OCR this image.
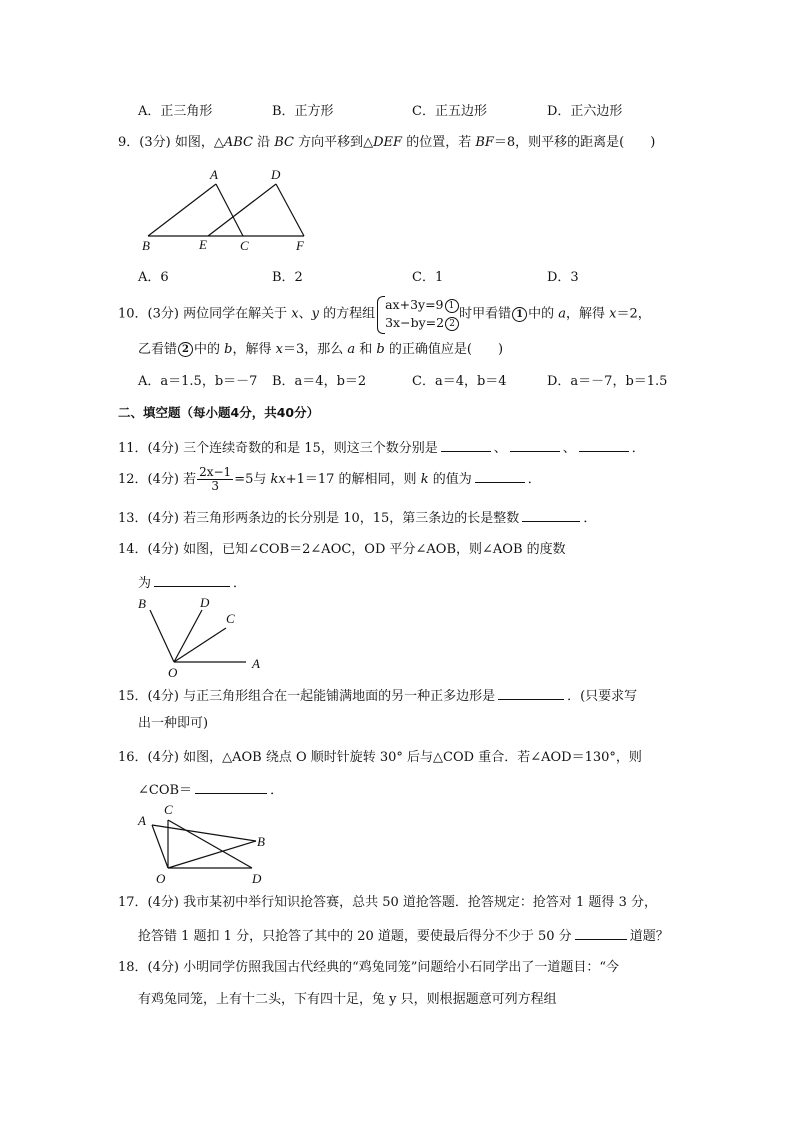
A．正三角形	B．正方形	C．正五边形	D．正六边形
9．(3分) 如图，△ABC 沿 BC 方向平移到△DEF 的位置，若 BF＝8，则平移的距离是(　　)
A	D
B	E	C	F
A．6	B．2	C．1	D．3
10．(3分) 两位同学在解关于 x、y 的方程组
ax+3y=9 1
3x−by=2 2
时甲看错 1 中的 a，解得 x＝2，
乙看错 2 中的 b，解得 x＝3，那么 a 和 b 的正确值应是(　　)
A．a＝1.5，b＝－7 B．a＝4，b＝2	C．a＝4，b＝4	D．a＝－7，b＝1.5
二、填空题（每小题4分，共40分）
11．(4分) 三个连续奇数的和是 15，则这三个数分别是	、	、	．
12．(4分) 若 $\frac{2x-1}{3} =5$与 kx+1＝17 的解相同，则 k 的值为	．
13．(4分) 若三角形两条边的长分别是 10，15，第三条边的长是整数	．
14．(4分) 如图，已知∠COB＝2∠AOC，OD 平分∠AOB，则∠AOB 的度数
为	．
B	D
C
O
A
15．(4分) 与正三角形组合在一起能铺满地面的另一种正多边形是	．(只要求写
出一种即可)
16．(4分) 如图，△AOB 绕点 O 顺时针旋转 30° 后与△COD 重合．若∠AOD＝130°，则
∠COB＝	．
C
A
B
O	D
17．(4分) 我市某初中举行知识抢答赛，总共 50 道抢答题．抢答规定：抢答对 1 题得 3 分，
抢答错 1 题扣 1 分，只抢答了其中的 20 道题，要使最后得分不少于 50 分	道题？
18．(4分) 小明同学仿照我国古代经典的“鸡兔同笼”问题给小石同学出了一道题目：“今
有鸡兔同笼，上有十二头，下有四十足，兔 y 只，则根据题意可列方程组
